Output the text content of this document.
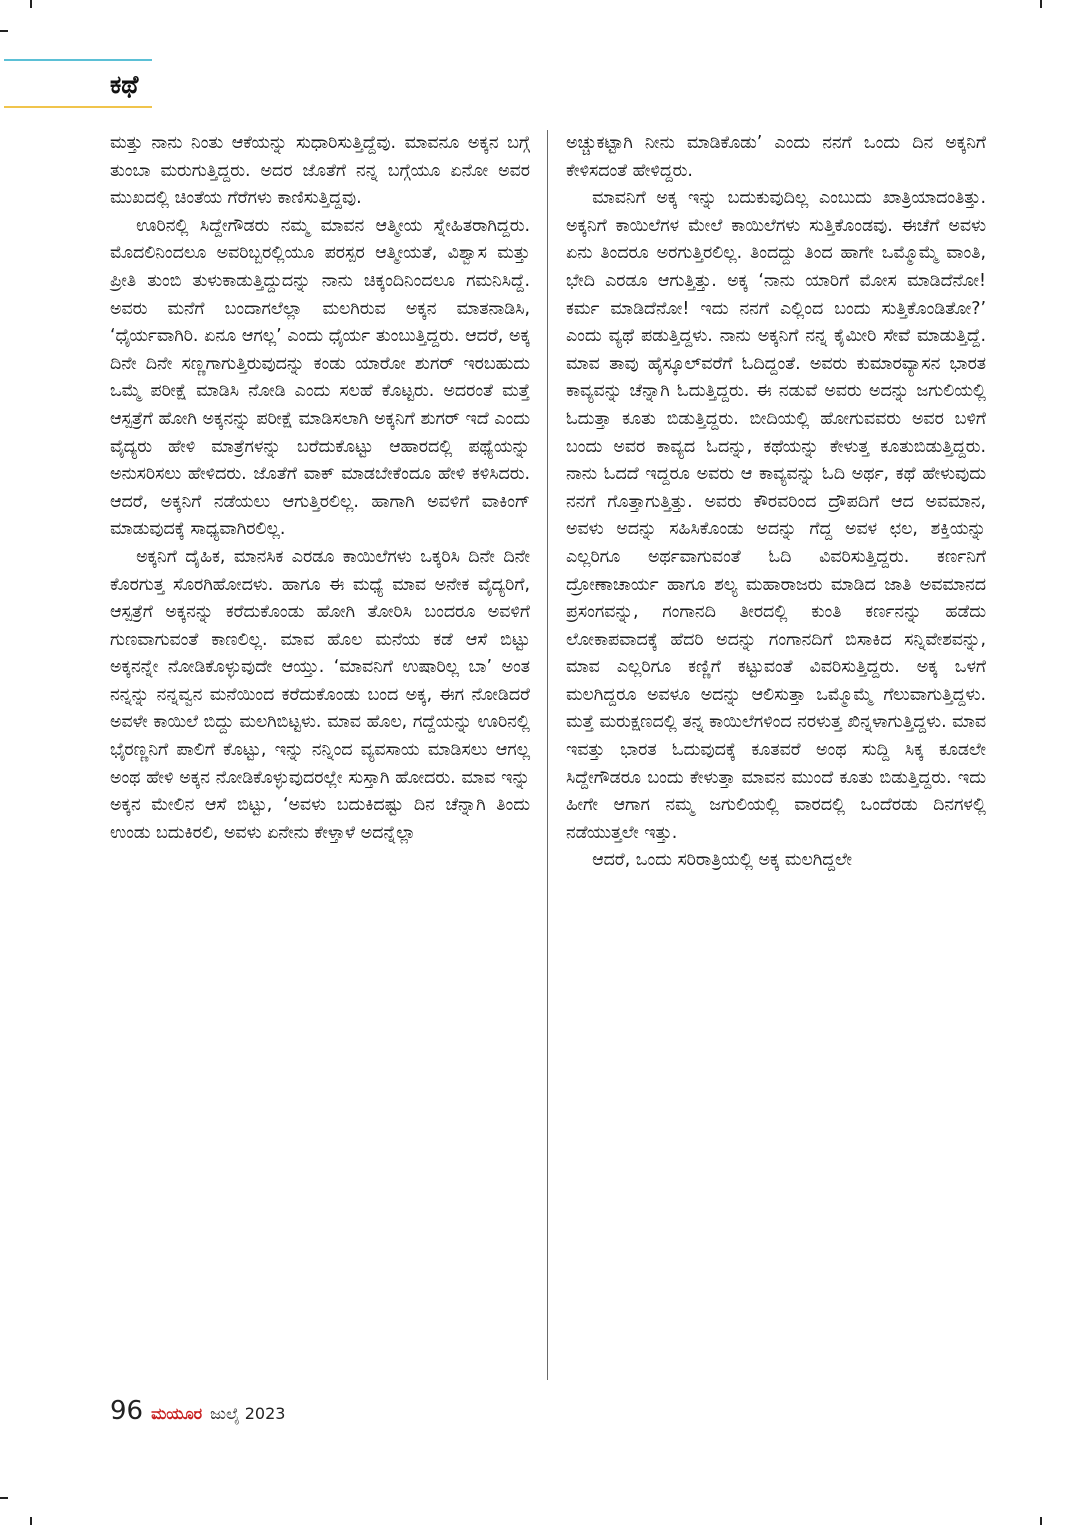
ಕಥೆ

ಮತ್ತು ನಾನು ನಿಂತು ಆಕೆಯನ್ನು ಸುಧಾರಿಸುತ್ತಿದ್ದೆವು. ಮಾವನೂ ಅಕ್ಕನ ಬಗ್ಗೆ ತುಂಬಾ ಮರುಗುತ್ತಿದ್ದರು. ಅದರ ಜೊತೆಗೆ ನನ್ನ ಬಗ್ಗೆಯೂ ಏನೋ ಅವರ ಮುಖದಲ್ಲಿ ಚಿಂತೆಯ ಗೆರೆಗಳು ಕಾಣಿಸುತ್ತಿದ್ದವು.

ಊರಿನಲ್ಲಿ ಸಿದ್ದೇಗೌಡರು ನಮ್ಮ ಮಾವನ ಆತ್ಮೀಯ ಸ್ನೇಹಿತರಾಗಿದ್ದರು. ಮೊದಲಿನಿಂದಲೂ ಅವರಿಬ್ಬರಲ್ಲಿಯೂ ಪರಸ್ಪರ ಆತ್ಮೀಯತೆ, ವಿಶ್ವಾಸ ಮತ್ತು ಪ್ರೀತಿ ತುಂಬಿ ತುಳುಕಾಡುತ್ತಿದ್ದುದನ್ನು ನಾನು ಚಿಕ್ಕಂದಿನಿಂದಲೂ ಗಮನಿಸಿದ್ದೆ. ಅವರು ಮನೆಗೆ ಬಂದಾಗಲೆಲ್ಲಾ ಮಲಗಿರುವ ಅಕ್ಕನ ಮಾತನಾಡಿಸಿ, ‘ಧೈರ್ಯವಾಗಿರಿ. ಏನೂ ಆಗಲ್ಲ’ ಎಂದು ಧೈರ್ಯ ತುಂಬುತ್ತಿದ್ದರು. ಆದರೆ, ಅಕ್ಕ ದಿನೇ ದಿನೇ ಸಣ್ಣಗಾಗುತ್ತಿರುವುದನ್ನು ಕಂಡು ಯಾರೋ ಶುಗರ್ ಇರಬಹುದು ಒಮ್ಮೆ ಪರೀಕ್ಷೆ ಮಾಡಿಸಿ ನೋಡಿ ಎಂದು ಸಲಹೆ ಕೊಟ್ಟರು. ಅದರಂತೆ ಮತ್ತೆ ಆಸ್ಪತ್ರೆಗೆ ಹೋಗಿ ಅಕ್ಕನನ್ನು ಪರೀಕ್ಷೆ ಮಾಡಿಸಲಾಗಿ ಅಕ್ಕನಿಗೆ ಶುಗರ್ ಇದೆ ಎಂದು ವೈದ್ಯರು ಹೇಳಿ ಮಾತ್ರೆಗಳನ್ನು ಬರೆದುಕೊಟ್ಟು ಆಹಾರದಲ್ಲಿ ಪಥ್ಯೆಯನ್ನು ಅನುಸರಿಸಲು ಹೇಳಿದರು. ಜೊತೆಗೆ ವಾಕ್ ಮಾಡಬೇಕೆಂದೂ ಹೇಳಿ ಕಳಿಸಿದರು. ಆದರೆ, ಅಕ್ಕನಿಗೆ ನಡೆಯಲು ಆಗುತ್ತಿರಲಿಲ್ಲ. ಹಾಗಾಗಿ ಅವಳಿಗೆ ವಾಕಿಂಗ್ ಮಾಡುವುದಕ್ಕೆ ಸಾಧ್ಯವಾಗಿರಲಿಲ್ಲ.

ಅಕ್ಕನಿಗೆ ದೈಹಿಕ, ಮಾನಸಿಕ ಎರಡೂ ಕಾಯಿಲೆಗಳು ಒಕ್ಕರಿಸಿ ದಿನೇ ದಿನೇ ಕೊರಗುತ್ತ ಸೊರಗಿಹೋದಳು. ಹಾಗೂ ಈ ಮಧ್ಯೆ ಮಾವ ಅನೇಕ ವೈದ್ಯರಿಗೆ, ಆಸ್ಪತ್ರೆಗೆ ಅಕ್ಕನನ್ನು ಕರೆದುಕೊಂಡು ಹೋಗಿ ತೋರಿಸಿ ಬಂದರೂ ಅವಳಿಗೆ ಗುಣವಾಗುವಂತೆ ಕಾಣಲಿಲ್ಲ. ಮಾವ ಹೊಲ ಮನೆಯ ಕಡೆ ಆಸೆ ಬಿಟ್ಟು ಅಕ್ಕನನ್ನೇ ನೋಡಿಕೊಳ್ಳುವುದೇ ಆಯ್ತು. ‘ಮಾವನಿಗೆ ಉಷಾರಿಲ್ಲ ಬಾ’ ಅಂತ ನನ್ನನ್ನು ನನ್ನವ್ವನ ಮನೆಯಿಂದ ಕರೆದುಕೊಂಡು ಬಂದ ಅಕ್ಕ, ಈಗ ನೋಡಿದರೆ ಅವಳೇ ಕಾಯಿಲೆ ಬಿದ್ದು ಮಲಗಿಬಿಟ್ಟಳು. ಮಾವ ಹೊಲ, ಗದ್ದೆಯನ್ನು ಊರಿನಲ್ಲಿ ಭೈರಣ್ಣನಿಗೆ ಪಾಲಿಗೆ ಕೊಟ್ಟು, ಇನ್ನು ನನ್ನಿಂದ ವ್ಯವಸಾಯ ಮಾಡಿಸಲು ಆಗಲ್ಲ ಅಂಥ ಹೇಳಿ ಅಕ್ಕನ ನೋಡಿಕೊಳ್ಳುವುದರಲ್ಲೇ ಸುಸ್ತಾಗಿ ಹೋದರು. ಮಾವ ಇನ್ನು ಅಕ್ಕನ ಮೇಲಿನ ಆಸೆ ಬಿಟ್ಟು, ‘ಅವಳು ಬದುಕಿದಷ್ಟು ದಿನ ಚೆನ್ನಾಗಿ ತಿಂದು ಉಂಡು ಬದುಕಿರಲಿ, ಅವಳು ಏನೇನು ಕೇಳ್ತಾಳೆ ಅದನ್ನೆಲ್ಲಾ

ಅಚ್ಚುಕಟ್ಟಾಗಿ ನೀನು ಮಾಡಿಕೊಡು’ ಎಂದು ನನಗೆ ಒಂದು ದಿನ ಅಕ್ಕನಿಗೆ ಕೇಳಿಸದಂತೆ ಹೇಳಿದ್ದರು.

ಮಾವನಿಗೆ ಅಕ್ಕ ಇನ್ನು ಬದುಕುವುದಿಲ್ಲ ಎಂಬುದು ಖಾತ್ರಿಯಾದಂತಿತ್ತು. ಅಕ್ಕನಿಗೆ ಕಾಯಿಲೆಗಳ ಮೇಲೆ ಕಾಯಿಲೆಗಳು ಸುತ್ತಿಕೊಂಡವು. ಈಚೆಗೆ ಅವಳು ಏನು ತಿಂದರೂ ಅರಗುತ್ತಿರಲಿಲ್ಲ. ತಿಂದದ್ದು ತಿಂದ ಹಾಗೇ ಒಮ್ಮೊಮ್ಮೆ ವಾಂತಿ, ಭೇದಿ ಎರಡೂ ಆಗುತ್ತಿತ್ತು. ಅಕ್ಕ ‘ನಾನು ಯಾರಿಗೆ ಮೋಸ ಮಾಡಿದೆನೋ! ಕರ್ಮ ಮಾಡಿದೆನೋ! ಇದು ನನಗೆ ಎಲ್ಲಿಂದ ಬಂದು ಸುತ್ತಿಕೊಂಡಿತೋ?’ ಎಂದು ವ್ಯಥೆ ಪಡುತ್ತಿದ್ದಳು. ನಾನು ಅಕ್ಕನಿಗೆ ನನ್ನ ಕೈಮೀರಿ ಸೇವೆ ಮಾಡುತ್ತಿದ್ದೆ. ಮಾವ ತಾವು ಹೈಸ್ಕೂಲ್‌ವರೆಗೆ ಓದಿದ್ದಂತೆ. ಅವರು ಕುಮಾರವ್ಯಾಸನ ಭಾರತ ಕಾವ್ಯವನ್ನು ಚೆನ್ನಾಗಿ ಓದುತ್ತಿದ್ದರು. ಈ ನಡುವೆ ಅವರು ಅದನ್ನು ಜಗುಲಿಯಲ್ಲಿ ಓದುತ್ತಾ ಕೂತು ಬಿಡುತ್ತಿದ್ದರು. ಬೀದಿಯಲ್ಲಿ ಹೋಗುವವರು ಅವರ ಬಳಿಗೆ ಬಂದು ಅವರ ಕಾವ್ಯದ ಓದನ್ನು, ಕಥೆಯನ್ನು ಕೇಳುತ್ತ ಕೂತುಬಿಡುತ್ತಿದ್ದರು. ನಾನು ಓದದೆ ಇದ್ದರೂ ಅವರು ಆ ಕಾವ್ಯವನ್ನು ಓದಿ ಅರ್ಥ, ಕಥೆ ಹೇಳುವುದು ನನಗೆ ಗೊತ್ತಾಗುತ್ತಿತ್ತು. ಅವರು ಕೌರವರಿಂದ ದ್ರೌಪದಿಗೆ ಆದ ಅವಮಾನ, ಅವಳು ಅದನ್ನು ಸಹಿಸಿಕೊಂಡು ಅದನ್ನು ಗೆದ್ದ ಅವಳ ಛಲ, ಶಕ್ತಿಯನ್ನು ಎಲ್ಲರಿಗೂ ಅರ್ಥವಾಗುವಂತೆ ಓದಿ ವಿವರಿಸುತ್ತಿದ್ದರು. ಕರ್ಣನಿಗೆ ದ್ರೋಣಾಚಾರ್ಯ ಹಾಗೂ ಶಲ್ಯ ಮಹಾರಾಜರು ಮಾಡಿದ ಜಾತಿ ಅವಮಾನದ ಪ್ರಸಂಗವನ್ನು, ಗಂಗಾನದಿ ತೀರದಲ್ಲಿ ಕುಂತಿ ಕರ್ಣನನ್ನು ಹಡೆದು ಲೋಕಾಪವಾದಕ್ಕೆ ಹೆದರಿ ಅದನ್ನು ಗಂಗಾನದಿಗೆ ಬಿಸಾಕಿದ ಸನ್ನಿವೇಶವನ್ನು, ಮಾವ ಎಲ್ಲರಿಗೂ ಕಣ್ಣಿಗೆ ಕಟ್ಟುವಂತೆ ವಿವರಿಸುತ್ತಿದ್ದರು. ಅಕ್ಕ ಒಳಗೆ ಮಲಗಿದ್ದರೂ ಅವಳೂ ಅದನ್ನು ಆಲಿಸುತ್ತಾ ಒಮ್ಮೊಮ್ಮೆ ಗೆಲುವಾಗುತ್ತಿದ್ದಳು. ಮತ್ತೆ ಮರುಕ್ಷಣದಲ್ಲಿ ತನ್ನ ಕಾಯಿಲೆಗಳಿಂದ ನರಳುತ್ತ ಖಿನ್ನಳಾಗುತ್ತಿದ್ದಳು. ಮಾವ ಇವತ್ತು ಭಾರತ ಓದುವುದಕ್ಕೆ ಕೂತವರೆ ಅಂಥ ಸುದ್ದಿ ಸಿಕ್ಕ ಕೂಡಲೇ ಸಿದ್ದೇಗೌಡರೂ ಬಂದು ಕೇಳುತ್ತಾ ಮಾವನ ಮುಂದೆ ಕೂತು ಬಿಡುತ್ತಿದ್ದರು. ಇದು ಹೀಗೇ ಆಗಾಗ ನಮ್ಮ ಜಗುಲಿಯಲ್ಲಿ ವಾರದಲ್ಲಿ ಒಂದೆರಡು ದಿನಗಳಲ್ಲಿ ನಡೆಯುತ್ತಲೇ ಇತ್ತು.

ಆದರೆ, ಒಂದು ಸರಿರಾತ್ರಿಯಲ್ಲಿ ಅಕ್ಕ ಮಲಗಿದ್ದಲೇ

96 ಮಯೂರ ಜುಲೈ 2023
